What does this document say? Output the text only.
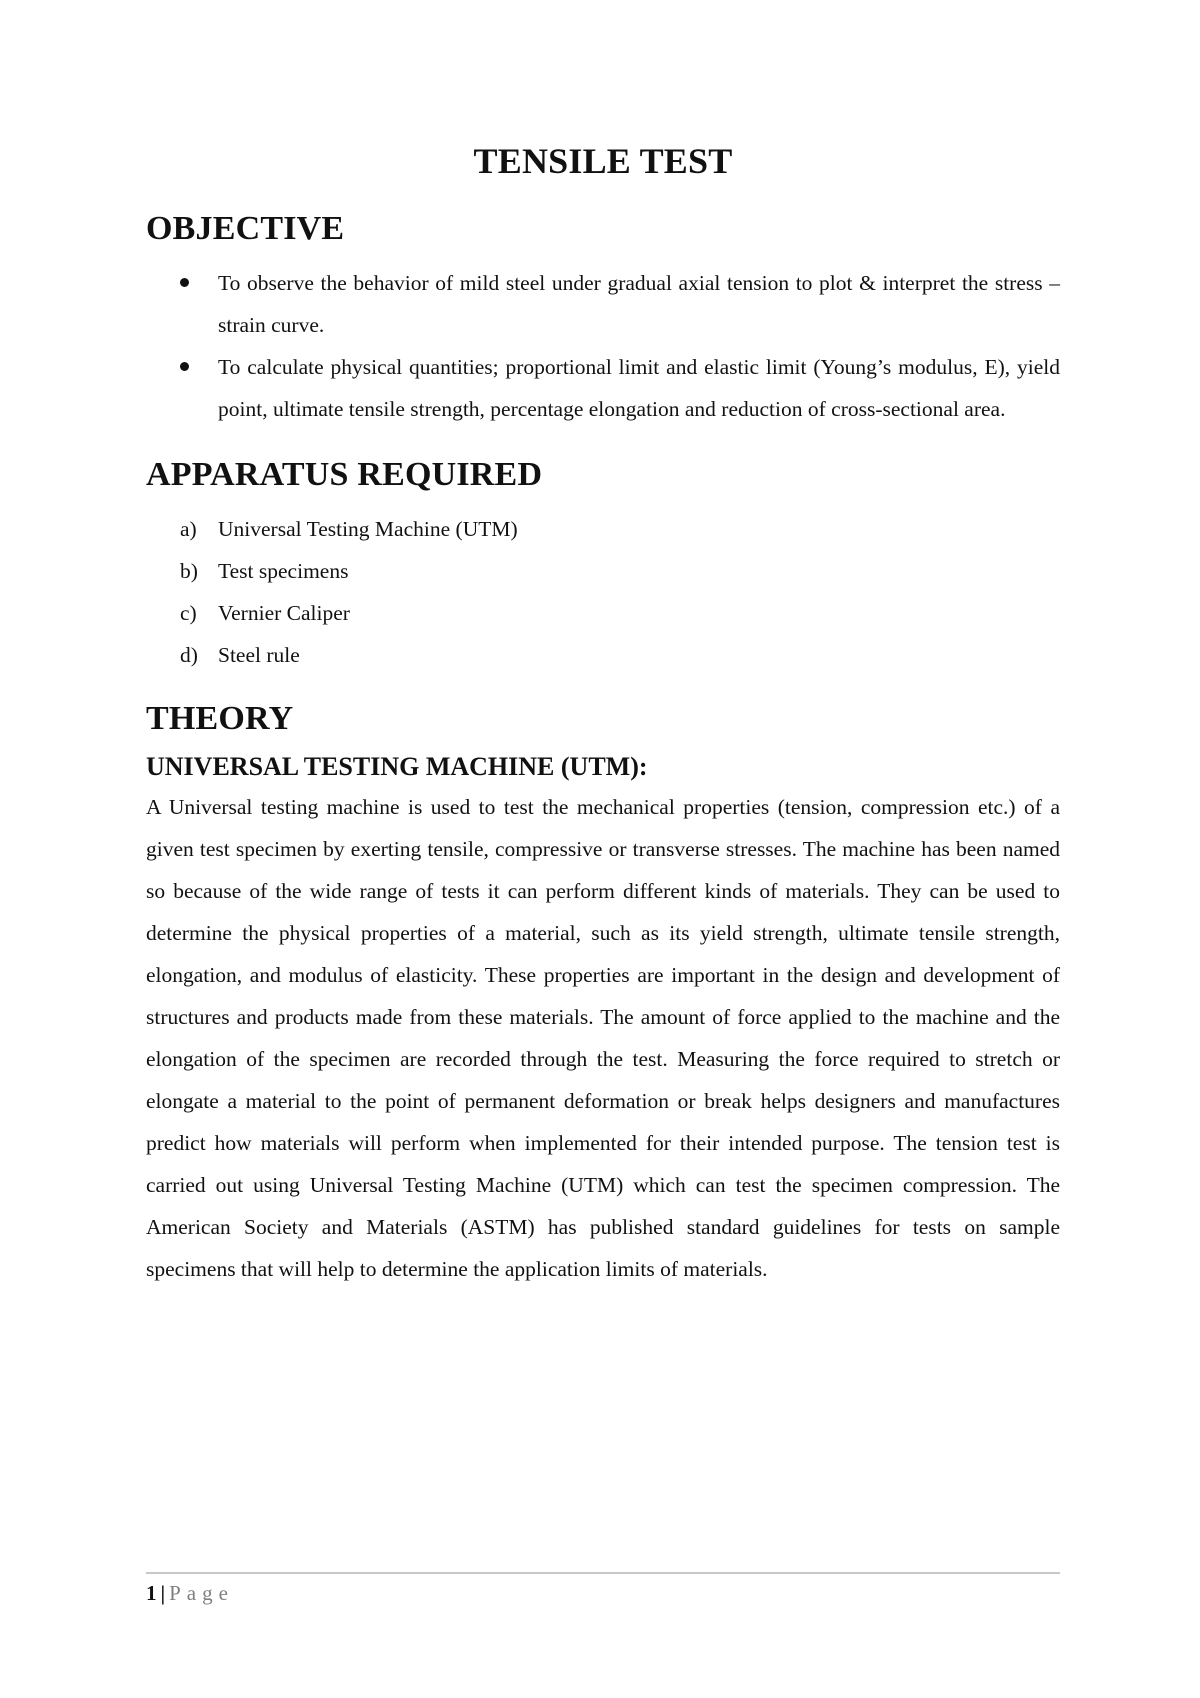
TENSILE TEST
OBJECTIVE
To observe the behavior of mild steel under gradual axial tension to plot & interpret the stress – strain curve.
To calculate physical quantities; proportional limit and elastic limit (Young’s modulus, E), yield point, ultimate tensile strength, percentage elongation and reduction of cross-sectional area.
APPARATUS REQUIRED
a) Universal Testing Machine (UTM)
b) Test specimens
c) Vernier Caliper
d) Steel rule
THEORY
UNIVERSAL TESTING MACHINE (UTM):

A Universal testing machine is used to test the mechanical properties (tension, compression etc.) of a given test specimen by exerting tensile, compressive or transverse stresses. The machine has been named so because of the wide range of tests it can perform different kinds of materials. They can be used to determine the physical properties of a material, such as its yield strength, ultimate tensile strength, elongation, and modulus of elasticity. These properties are important in the design and development of structures and products made from these materials. The amount of force applied to the machine and the elongation of the specimen are recorded through the test. Measuring the force required to stretch or elongate a material to the point of permanent deformation or break helps designers and manufactures predict how materials will perform when implemented for their intended purpose. The tension test is carried out using Universal Testing Machine (UTM) which can test the specimen compression. The American Society and Materials (ASTM) has published standard guidelines for tests on sample specimens that will help to determine the application limits of materials.

1 | Page
